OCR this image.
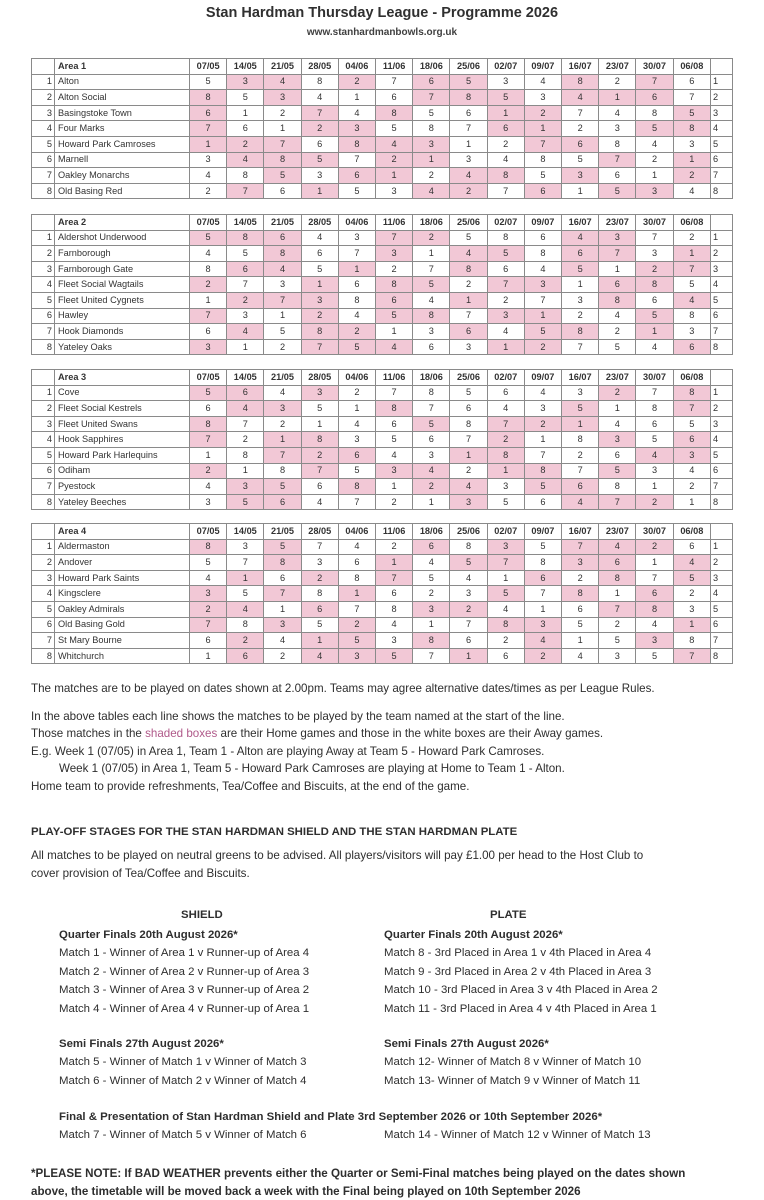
Stan Hardman Thursday League - Programme 2026
www.stanhardmanbowls.org.uk
	Area 1	07/05	14/05	21/05	28/05	04/06	11/06	18/06	25/06	02/07	09/07	16/07	23/07	30/07	06/08	
1	Alton	5	3	4	8	2	7	6	5	3	4	8	2	7	6	1
2	Alton Social	8	5	3	4	1	6	7	8	5	3	4	1	6	7	2
3	Basingstoke Town	6	1	2	7	4	8	5	6	1	2	7	4	8	5	3
4	Four Marks	7	6	1	2	3	5	8	7	6	1	2	3	5	8	4
5	Howard Park Camroses	1	2	7	6	8	4	3	1	2	7	6	8	4	3	5
6	Marnell	3	4	8	5	7	2	1	3	4	8	5	7	2	1	6
7	Oakley Monarchs	4	8	5	3	6	1	2	4	8	5	3	6	1	2	7
8	Old Basing Red	2	7	6	1	5	3	4	2	7	6	1	5	3	4	8
	Area 2	07/05	14/05	21/05	28/05	04/06	11/06	18/06	25/06	02/07	09/07	16/07	23/07	30/07	06/08	
1	Aldershot Underwood	5	8	6	4	3	7	2	5	8	6	4	3	7	2	1
2	Farnborough	4	5	8	6	7	3	1	4	5	8	6	7	3	1	2
3	Farnborough Gate	8	6	4	5	1	2	7	8	6	4	5	1	2	7	3
4	Fleet Social Wagtails	2	7	3	1	6	8	5	2	7	3	1	6	8	5	4
5	Fleet United Cygnets	1	2	7	3	8	6	4	1	2	7	3	8	6	4	5
6	Hawley	7	3	1	2	4	5	8	7	3	1	2	4	5	8	6
7	Hook Diamonds	6	4	5	8	2	1	3	6	4	5	8	2	1	3	7
8	Yateley Oaks	3	1	2	7	5	4	6	3	1	2	7	5	4	6	8
	Area 3	07/05	14/05	21/05	28/05	04/06	11/06	18/06	25/06	02/07	09/07	16/07	23/07	30/07	06/08	
1	Cove	5	6	4	3	2	7	8	5	6	4	3	2	7	8	1
2	Fleet Social Kestrels	6	4	3	5	1	8	7	6	4	3	5	1	8	7	2
3	Fleet United Swans	8	7	2	1	4	6	5	8	7	2	1	4	6	5	3
4	Hook Sapphires	7	2	1	8	3	5	6	7	2	1	8	3	5	6	4
5	Howard Park Harlequins	1	8	7	2	6	4	3	1	8	7	2	6	4	3	5
6	Odiham	2	1	8	7	5	3	4	2	1	8	7	5	3	4	6
7	Pyestock	4	3	5	6	8	1	2	4	3	5	6	8	1	2	7
8	Yateley Beeches	3	5	6	4	7	2	1	3	5	6	4	7	2	1	8
	Area 4	07/05	14/05	21/05	28/05	04/06	11/06	18/06	25/06	02/07	09/07	16/07	23/07	30/07	06/08	
1	Aldermaston	8	3	5	7	4	2	6	8	3	5	7	4	2	6	1
2	Andover	5	7	8	3	6	1	4	5	7	8	3	6	1	4	2
3	Howard Park Saints	4	1	6	2	8	7	5	4	1	6	2	8	7	5	3
4	Kingsclere	3	5	7	8	1	6	2	3	5	7	8	1	6	2	4
5	Oakley Admirals	2	4	1	6	7	8	3	2	4	1	6	7	8	3	5
6	Old Basing Gold	7	8	3	5	2	4	1	7	8	3	5	2	4	1	6
7	St Mary Bourne	6	2	4	1	5	3	8	6	2	4	1	5	3	8	7
8	Whitchurch	1	6	2	4	3	5	7	1	6	2	4	3	5	7	8
The matches are to be played on dates shown at 2.00pm. Teams may agree alternative dates/times as per League Rules.
In the above tables each line shows the matches to be played by the team named at the start of the line.
Those matches in the shaded boxes are their Home games and those in the white boxes are their Away games.
E.g. Week 1 (07/05) in Area 1, Team 1 - Alton are playing Away at Team 5 - Howard Park Camroses.
Week 1 (07/05) in Area 1, Team 5 - Howard Park Camroses are playing at Home to Team 1 - Alton.
Home team to provide refreshments, Tea/Coffee and Biscuits, at the end of the game.
PLAY-OFF STAGES FOR THE STAN HARDMAN SHIELD AND THE STAN HARDMAN PLATE
All matches to be played on neutral greens to be advised. All players/visitors will pay £1.00 per head to the Host Club to
cover provision of Tea/Coffee and Biscuits.
SHIELD	PLATE
Quarter Finals 20th August 2026*
Match 1 - Winner of Area 1 v Runner-up of Area 4
Match 2 - Winner of Area 2 v Runner-up of Area 3
Match 3 - Winner of Area 3 v Runner-up of Area 2
Match 4 - Winner of Area 4 v Runner-up of Area 1
Quarter Finals 20th August 2026*
Match 8 - 3rd Placed in Area 1 v 4th Placed in Area 4
Match 9 - 3rd Placed in Area 2 v 4th Placed in Area 3
Match 10 - 3rd Placed in Area 3 v 4th Placed in Area 2
Match 11 - 3rd Placed in Area 4 v 4th Placed in Area 1
Semi Finals 27th August 2026*
Match 5 - Winner of Match 1 v Winner of Match 3
Match 6 - Winner of Match 2 v Winner of Match 4
Semi Finals 27th August 2026*
Match 12- Winner of Match 8 v Winner of Match 10
Match 13- Winner of Match 9 v Winner of Match 11
Final & Presentation of Stan Hardman Shield and Plate 3rd September 2026 or 10th September 2026*
Match 7 - Winner of Match 5 v Winner of Match 6	Match 14 - Winner of Match 12 v Winner of Match 13
*PLEASE NOTE: If BAD WEATHER prevents either the Quarter or Semi-Final matches being played on the dates shown
above, the timetable will be moved back a week with the Final being played on 10th September 2026
